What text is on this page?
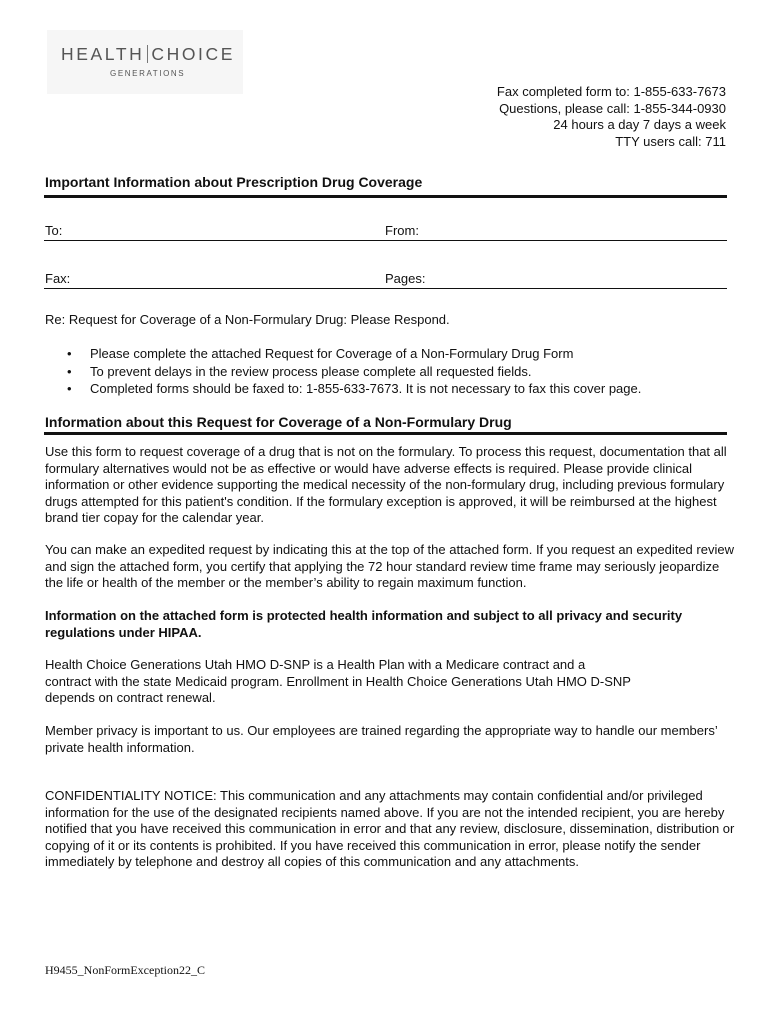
HEALTH CHOICE
GENERATIONS
Fax completed form to: 1-855-633-7673
Questions, please call: 1-855-344-0930
24 hours a day 7 days a week
TTY users call: 711
Important Information about Prescription Drug Coverage
To:	From:
Fax:	Pages:
Re: Request for Coverage of a Non-Formulary Drug: Please Respond.
• Please complete the attached Request for Coverage of a Non-Formulary Drug Form
• To prevent delays in the review process please complete all requested fields.
• Completed forms should be faxed to: 1-855-633-7673. It is not necessary to fax this cover page.
Information about this Request for Coverage of a Non-Formulary Drug

Use this form to request coverage of a drug that is not on the formulary. To process this request, documentation that all formulary alternatives would not be as effective or would have adverse effects is required. Please provide clinical information or other evidence supporting the medical necessity of the non-formulary drug, including previous formulary drugs attempted for this patient's condition. If the formulary exception is approved, it will be reimbursed at the highest brand tier copay for the calendar year.

You can make an expedited request by indicating this at the top of the attached form. If you request an expedited review and sign the attached form, you certify that applying the 72 hour standard review time frame may seriously jeopardize the life or health of the member or the member’s ability to regain maximum function.

Information on the attached form is protected health information and subject to all privacy and security regulations under HIPAA.

Health Choice Generations Utah HMO D-SNP is a Health Plan with a Medicare contract and a contract with the state Medicaid program. Enrollment in Health Choice Generations Utah HMO D-SNP depends on contract renewal.

Member privacy is important to us. Our employees are trained regarding the appropriate way to handle our members’ private health information.

CONFIDENTIALITY NOTICE: This communication and any attachments may contain confidential and/or privileged information for the use of the designated recipients named above. If you are not the intended recipient, you are hereby notified that you have received this communication in error and that any review, disclosure, dissemination, distribution or copying of it or its contents is prohibited. If you have received this communication in error, please notify the sender immediately by telephone and destroy all copies of this communication and any attachments.

H9455_NonFormException22_C
